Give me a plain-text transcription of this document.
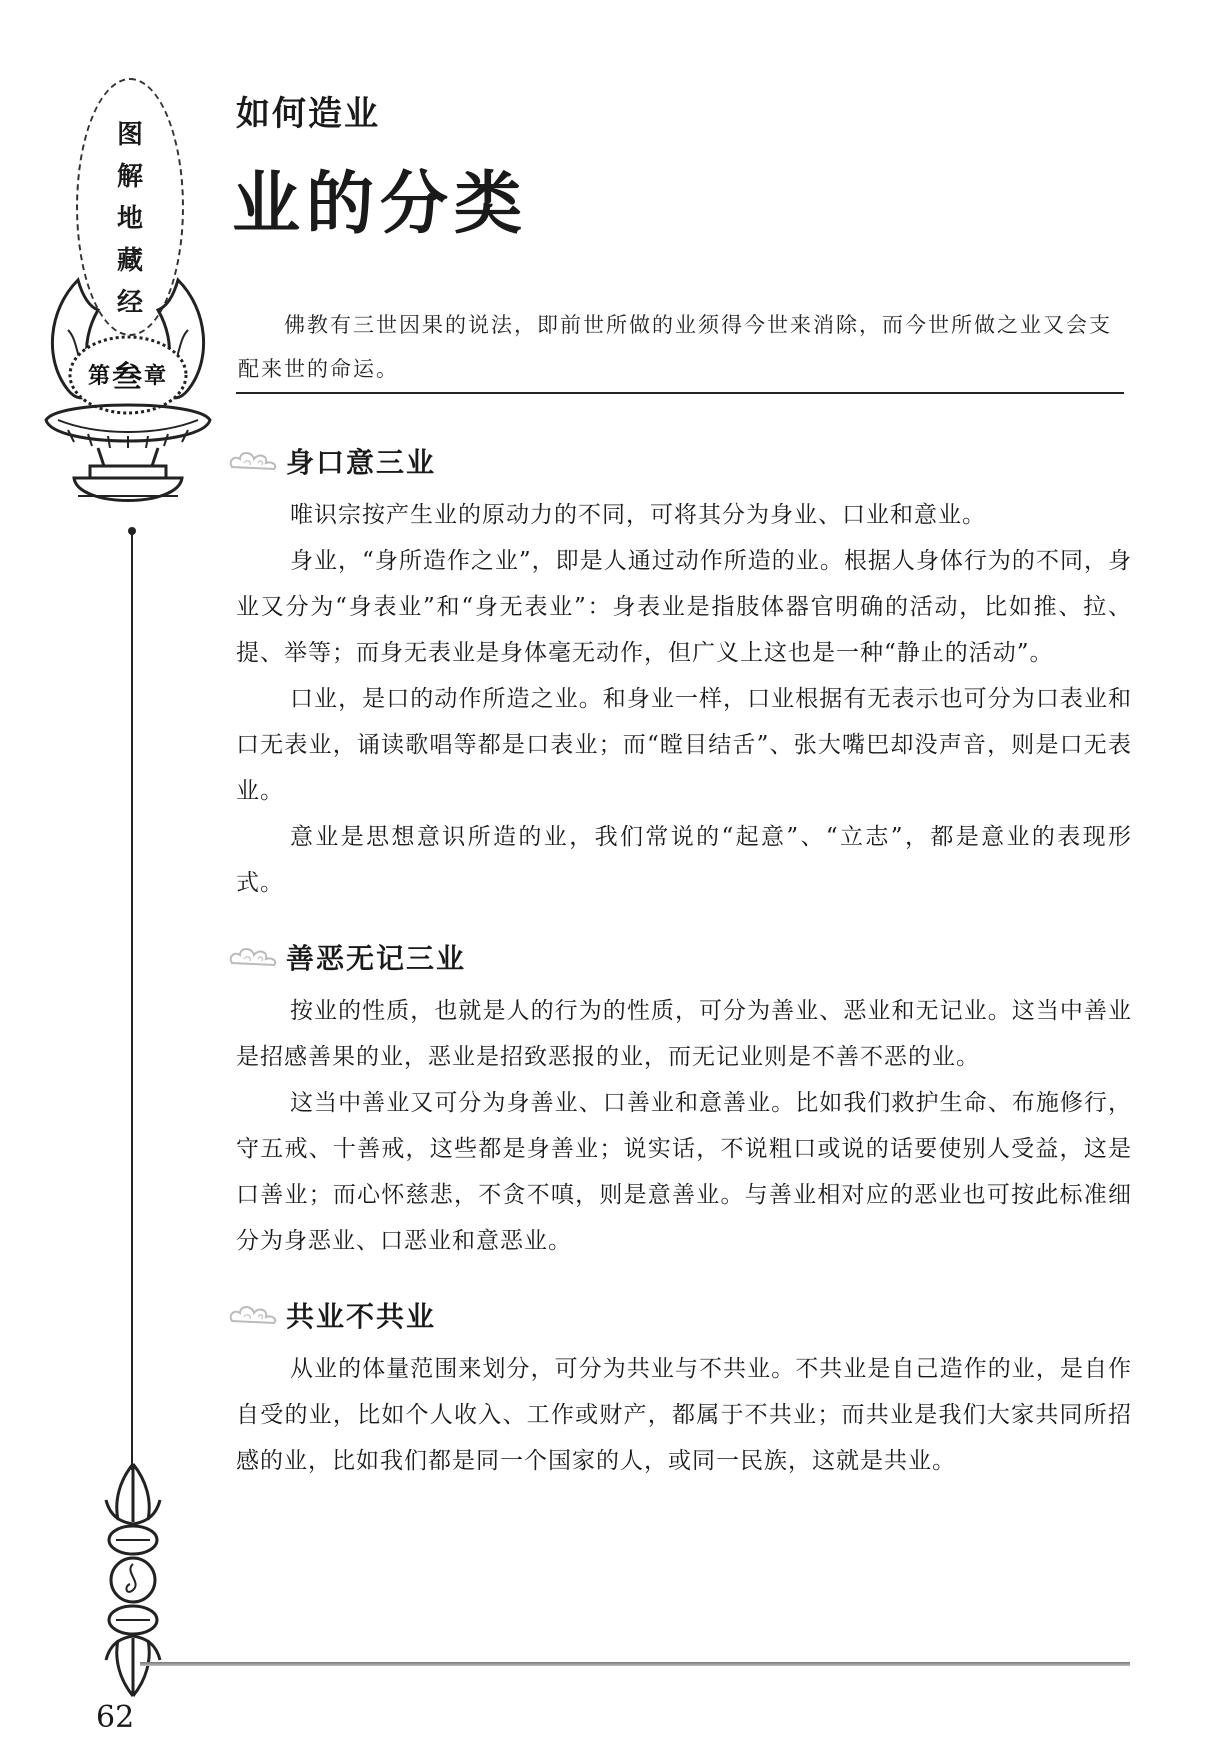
图
解
地
藏
经
第 叁 章
如何造业
业的分类

佛教有三世因果的说法，即前世所做的业须得今世来消除，而今世所做之业又会支配来世的命运。

身口意三业

唯识宗按产生业的原动力的不同，可将其分为身业、口业和意业。

身业，“身所造作之业”，即是人通过动作所造的业。根据人身体行为的不同，身业又分为“身表业”和“身无表业”：身表业是指肢体器官明确的活动，比如推、拉、提、举等；而身无表业是身体毫无动作，但广义上这也是一种“静止的活动”。

口业，是口的动作所造之业。和身业一样，口业根据有无表示也可分为口表业和口无表业，诵读歌唱等都是口表业；而“瞠目结舌”、张大嘴巴却没声音，则是口无表业。

意业是思想意识所造的业，我们常说的“起意”、“立志”，都是意业的表现形式。

善恶无记三业

按业的性质，也就是人的行为的性质，可分为善业、恶业和无记业。这当中善业是招感善果的业，恶业是招致恶报的业，而无记业则是不善不恶的业。

这当中善业又可分为身善业、口善业和意善业。比如我们救护生命、布施修行，守五戒、十善戒，这些都是身善业；说实话，不说粗口或说的话要使别人受益，这是口善业；而心怀慈悲，不贪不嗔，则是意善业。与善业相对应的恶业也可按此标准细分为身恶业、口恶业和意恶业。

共业不共业

从业的体量范围来划分，可分为共业与不共业。不共业是自己造作的业，是自作自受的业，比如个人收入、工作或财产，都属于不共业；而共业是我们大家共同所招感的业，比如我们都是同一个国家的人，或同一民族，这就是共业。

62
